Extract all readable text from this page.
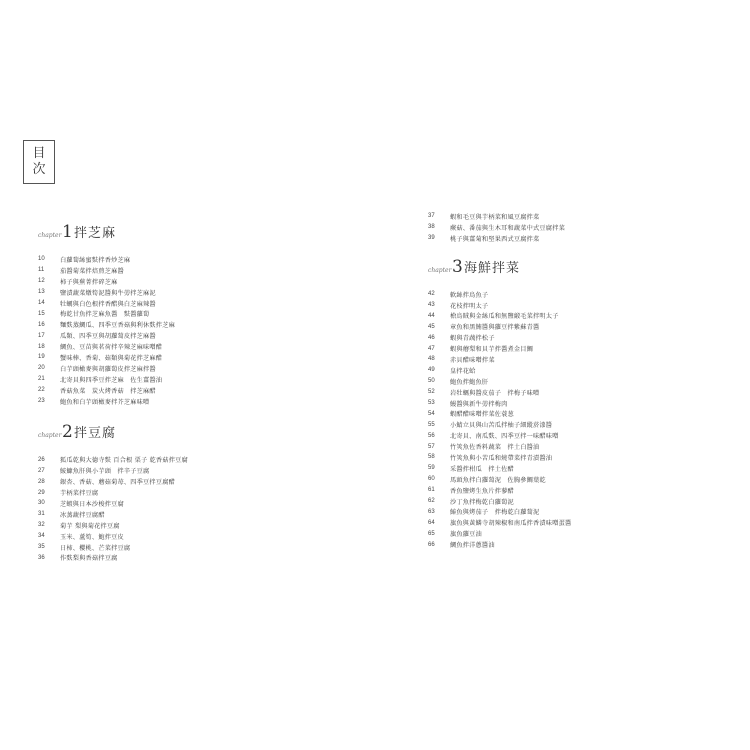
目
次
chapter 1 拌芝麻
10	白蘿蔔絲蜜麩拌香炒芝麻
11	茄醬菊菜拌焙煎芝麻醬
12	柿子與蕪菁拌碎芝麻
13	鹽漬蔬菜燉筍泥醬與牛蒡拌芝麻泥
14	牡蠣與白色根拌香醋與白芝麻辣醬
15	梅乾甘魚拌芝麻魚醬　麩醬蘿蔔
16	麵麩蒸鯛瓜、四季豆香菇與利休麩拌芝麻
17	瓜類、四季豆與胡蘿蔔皮拌芝麻醬
18	鯛魚、豆苗與茗荷拌辛辣芝麻味噌醋
19	蟹味棒、香菊、菇類與菊花拌芝麻醋
20	白芋頭橄麥與胡蘿蔔皮拌芝麻拌醬
21	北寄貝與四季豆拌芝麻　佐生薑醬油
22	香菇魚菜　炭火烤香菇　拌芝麻醋
23	鮑魚和白芋頭橄麥拌芥芝麻味噌
chapter 2 拌豆腐
26	狐瓜乾與大德寺麩 百合根 栗子 乾香菇拌豆腐
27	鮟鱇魚肝與小芋頭　拌辛子豆腐
28	銀杏、香菇、蘑菇菊苺、四季豆拌豆腐醋
29	芋柄菜拌豆腐
30	芝蝦與日本沙梭拌豆腐
31	冰蒸蔬拌豆腐醋
32	菊芋 梨與菊花拌豆腐
34	玉米、蘆筍、鮑拌豆皮
35	日柿、櫻桃、芒菜拌豆腐
36	作麩梨與香菇拌豆腐
37	蝦和毛豆與芋柄菜和風豆腐拌菜
38	蕨菇、番茄與生木耳和蔬菜中式豆腐拌菜
39	桃子與薑菊和堅果西式豆腐拌菜
chapter 3 海鮮拌菜
42	軟絲拌烏魚子
43	花枝拌明太子
44	槍烏賊與金絲瓜和無鹽緞毛菜拌明太子
45	章魚和黑鮪醬與蘿豆拌紫蘇青醬
46	蝦與青蔬拌松子
47	蝦與蘑梨和貝芋拌醬煮金目鯛
48	赤貝醋味噌拌菜
49	皇拌花蛤
50	鮑魚拌鮑魚肝
52	岩牡蠣與醬皮茄子　拌梅子味噌
53	鰻醬與新牛蒡拌梅肉
54	蝦醋醋味噌拌菜佐蓑葱
55	小鯖立貝與山苦瓜拌柚子細縱菸漆醬
56	北寄貝、南瓜麩、四季豆拌一味醋味噌
57	竹筴魚佐香料蔬菜　拌土白醬油
58	竹筴魚與小苦瓜和燒帶菜拌青漬醬油
59	采醬拌柑瓜　拌土佐醋
60	馬頭魚拌白蘿蔔泥　佐胸參鯛葉乾
61	香魚鹽烤生魚片拌蓼醋
62	沙丁魚拌梅乾白蘿蔔泥
63	鰆魚與烤茄子　拌梅乾白蘿蔔泥
64	旗魚與黃鱗寺胡辣椒和南瓜拌香漬味噌蛋醬
65	旗魚蘿豆油
66	鯛魚拌洋蔥醬油
